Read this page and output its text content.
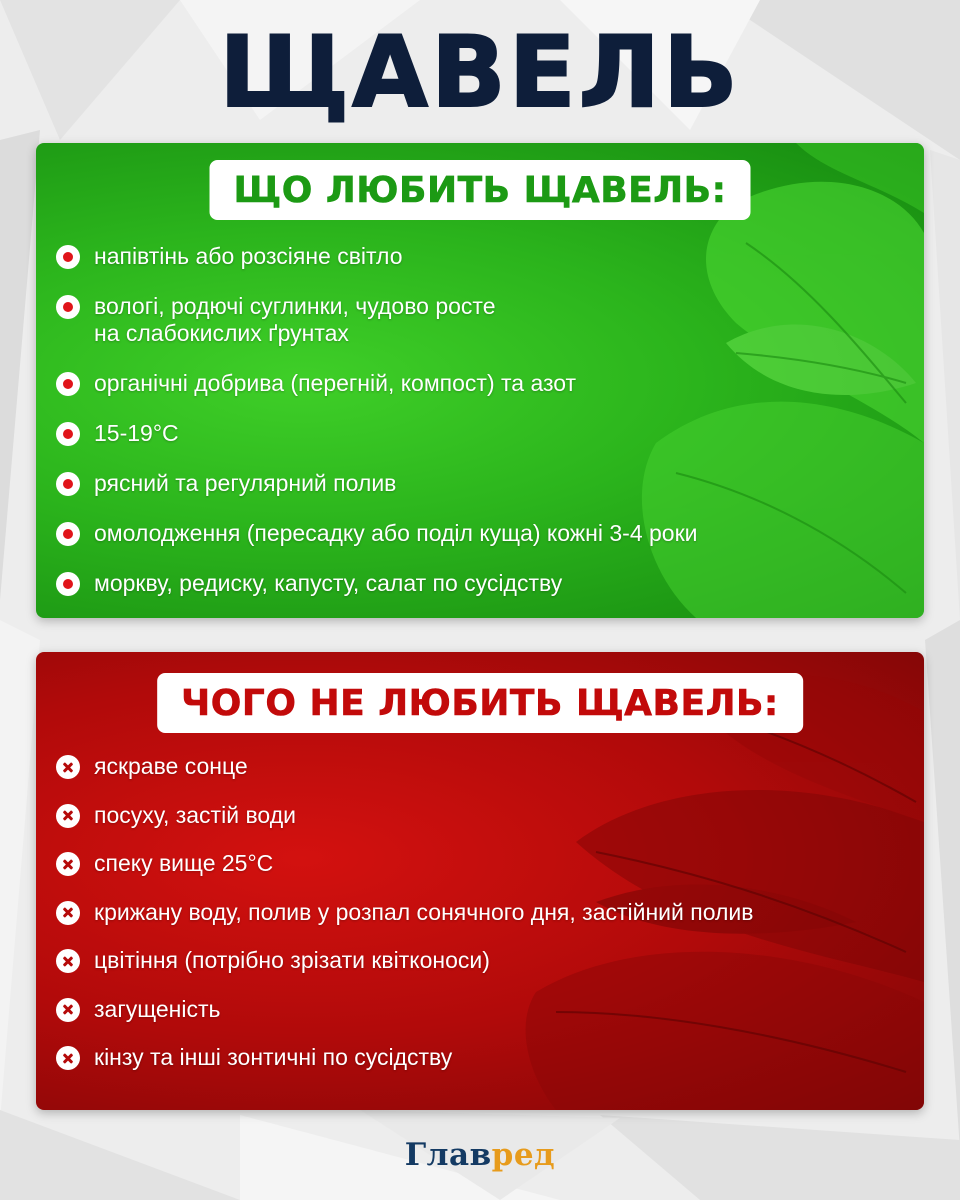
ЩАВЕЛЬ
ЩО ЛЮБИТЬ ЩАВЕЛЬ:
напівтінь або розсіяне світло
вологі, родючі суглинки, чудово росте
на слабокислих ґрунтах
органічні добрива (перегній, компост) та азот
15-19°С
рясний та регулярний полив
омолодження (пересадку або поділ куща) кожні 3-4 роки
моркву, редиску, капусту, салат по сусідству
ЧОГО НЕ ЛЮБИТЬ ЩАВЕЛЬ:
яскраве сонце
посуху, застій води
спеку вище 25°С
крижану воду, полив у розпал сонячного дня, застійний полив
цвітіння (потрібно зрізати квітконоси)
загущеність
кінзу та інші зонтичні по сусідству
Главред
